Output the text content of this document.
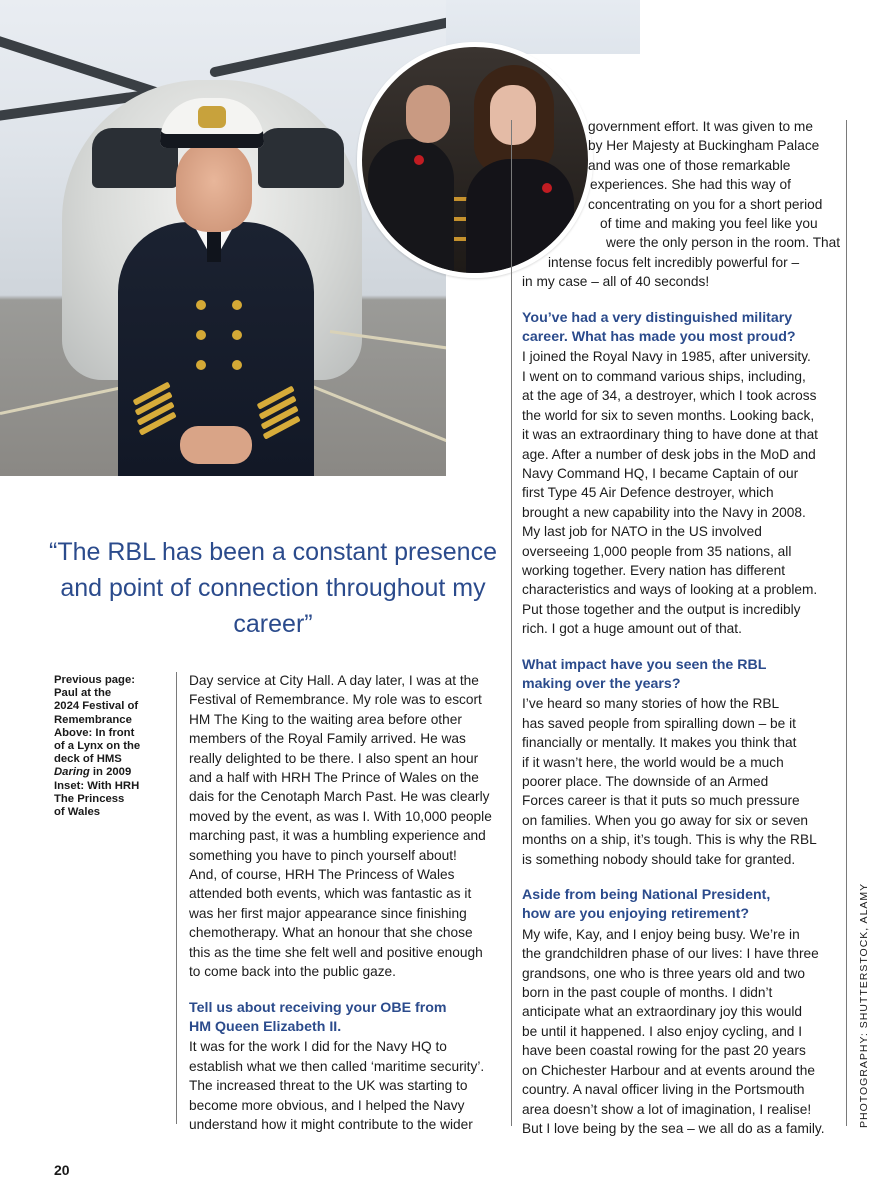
“The RBL has been a constant presence and point of connection throughout my career”

Previous page:
Paul at the
2024 Festival of
Remembrance
Above: In front
of a Lynx on the
deck of HMS
Daring in 2009
Inset: With HRH
The Princess
of Wales

Day service at City Hall. A day later, I was at the

Festival of Remembrance. My role was to escort

HM The King to the waiting area before other

members of the Royal Family arrived. He was

really delighted to be there. I also spent an hour

and a half with HRH The Prince of Wales on the

dais for the Cenotaph March Past. He was clearly

moved by the event, as was I. With 10,000 people

marching past, it was a humbling experience and

something you have to pinch yourself about!

And, of course, HRH The Princess of Wales

attended both events, which was fantastic as it

was her first major appearance since finishing

chemotherapy. What an honour that she chose

this as the time she felt well and positive enough

to come back into the public gaze.

Tell us about receiving your OBE from
HM Queen Elizabeth II.

It was for the work I did for the Navy HQ to

establish what we then called ‘maritime security’.

The increased threat to the UK was starting to

become more obvious, and I helped the Navy

understand how it might contribute to the wider

government effort. It was given to me

by Her Majesty at Buckingham Palace

and was one of those remarkable

experiences. She had this way of

concentrating on you for a short period

of time and making you feel like you

were the only person in the room. That

intense focus felt incredibly powerful for –

in my case – all of 40 seconds!

You’ve had a very distinguished military
career. What has made you most proud?

I joined the Royal Navy in 1985, after university.

I went on to command various ships, including,

at the age of 34, a destroyer, which I took across

the world for six to seven months. Looking back,

it was an extraordinary thing to have done at that

age. After a number of desk jobs in the MoD and

Navy Command HQ, I became Captain of our

first Type 45 Air Defence destroyer, which

brought a new capability into the Navy in 2008.

My last job for NATO in the US involved

overseeing 1,000 people from 35 nations, all

working together. Every nation has different

characteristics and ways of looking at a problem.

Put those together and the output is incredibly

rich. I got a huge amount out of that.

What impact have you seen the RBL
making over the years?

I’ve heard so many stories of how the RBL

has saved people from spiralling down – be it

financially or mentally. It makes you think that

if it wasn’t here, the world would be a much

poorer place. The downside of an Armed

Forces career is that it puts so much pressure

on families. When you go away for six or seven

months on a ship, it’s tough. This is why the RBL

is something nobody should take for granted.

Aside from being National President,
how are you enjoying retirement?

My wife, Kay, and I enjoy being busy. We’re in

the grandchildren phase of our lives: I have three

grandsons, one who is three years old and two

born in the past couple of months. I didn’t

anticipate what an extraordinary joy this would

be until it happened. I also enjoy cycling, and I

have been coastal rowing for the past 20 years

on Chichester Harbour and at events around the

country. A naval officer living in the Portsmouth

area doesn’t show a lot of imagination, I realise!

But I love being by the sea – we all do as a family.

PHOTOGRAPHY: SHUTTERSTOCK, ALAMY
20
